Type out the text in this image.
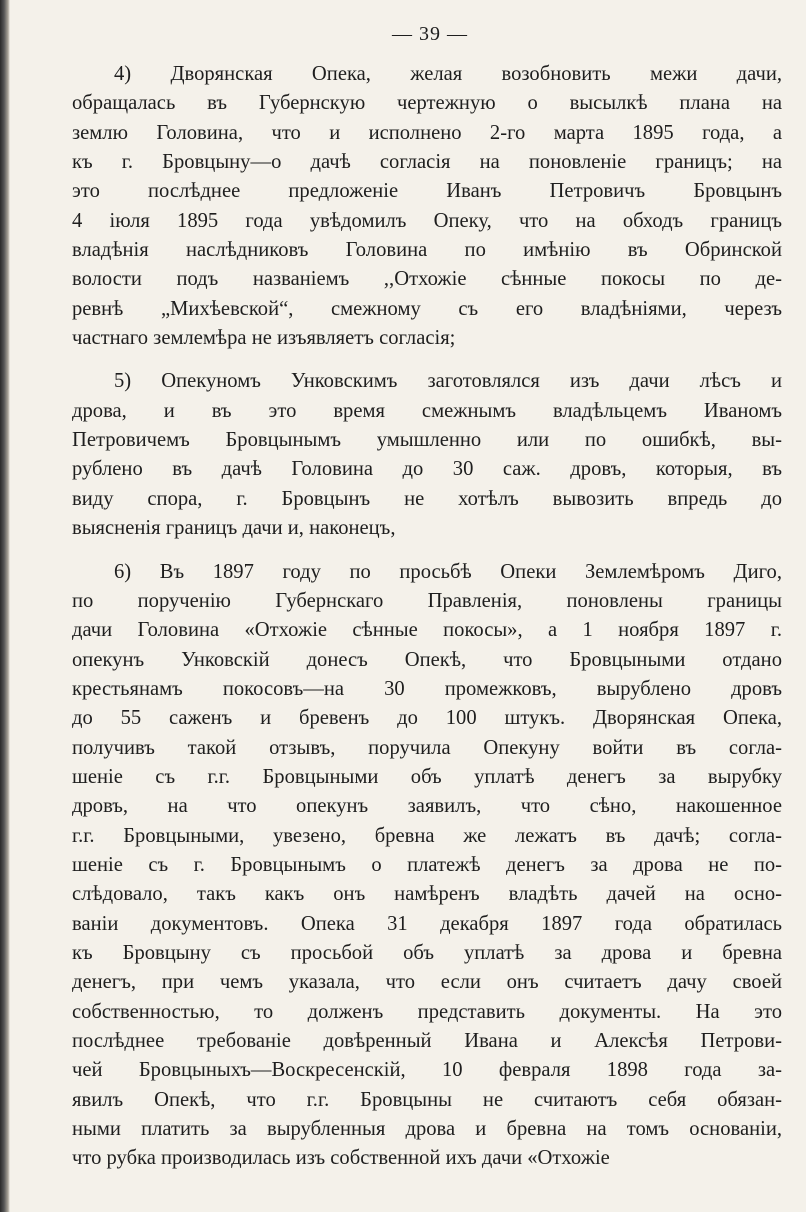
— 39 —
4) Дворянская Опека, желая возобновить межи дачи,
обращалась въ Губернскую чертежную о высылкѣ плана на
землю Головина, что и исполнено 2-го марта 1895 года, а
къ г. Бровцыну—о дачѣ согласія на поновленіе границъ; на
это послѣднее предложеніе Иванъ Петровичъ Бровцынъ
4 іюля 1895 года увѣдомилъ Опеку, что на обходъ границъ
владѣнія наслѣдниковъ Головина по имѣнію въ Обринской
волости подъ названіемъ ,,Отхожіе сѣнные покосы по де-
ревнѣ „Михѣевской“, смежному съ его владѣніями, черезъ
частнаго землемѣра не изъявляетъ согласія;
5) Опекуномъ Унковскимъ заготовлялся изъ дачи лѣсъ и
дрова, и въ это время смежнымъ владѣльцемъ Иваномъ
Петровичемъ Бровцынымъ умышленно или по ошибкѣ, вы-
рублено въ дачѣ Головина до 30 саж. дровъ, которыя, въ
виду спора, г. Бровцынъ не хотѣлъ вывозить впредь до
выясненія границъ дачи и, наконецъ,
6) Въ 1897 году по просьбѣ Опеки Землемѣромъ Диго,
по порученію Губернскаго Правленія, поновлены границы
дачи Головина «Отхожіе сѣнные покосы», а 1 ноября 1897 г.
опекунъ Унковскій донесъ Опекѣ, что Бровцыными отдано
крестьянамъ покосовъ—на 30 промежковъ, вырублено дровъ
до 55 саженъ и бревенъ до 100 штукъ. Дворянская Опека,
получивъ такой отзывъ, поручила Опекуну войти въ согла-
шеніе съ г.г. Бровцыными объ уплатѣ денегъ за вырубку
дровъ, на что опекунъ заявилъ, что сѣно, накошенное
г.г. Бровцыными, увезено, бревна же лежатъ въ дачѣ; согла-
шеніе съ г. Бровцынымъ о платежѣ денегъ за дрова не по-
слѣдовало, такъ какъ онъ намѣренъ владѣть дачей на осно-
ваніи документовъ. Опека 31 декабря 1897 года обратилась
къ Бровцыну съ просьбой объ уплатѣ за дрова и бревна
денегъ, при чемъ указала, что если онъ считаетъ дачу своей
собственностью, то долженъ представить документы. На это
послѣднее требованіе довѣренный Ивана и Алексѣя Петрови-
чей Бровцыныхъ—Воскресенскій, 10 февраля 1898 года за-
явилъ Опекѣ, что г.г. Бровцыны не считаютъ себя обязан-
ными платить за вырубленныя дрова и бревна на томъ основаніи,
что рубка производилась изъ собственной ихъ дачи «Отхожіе
